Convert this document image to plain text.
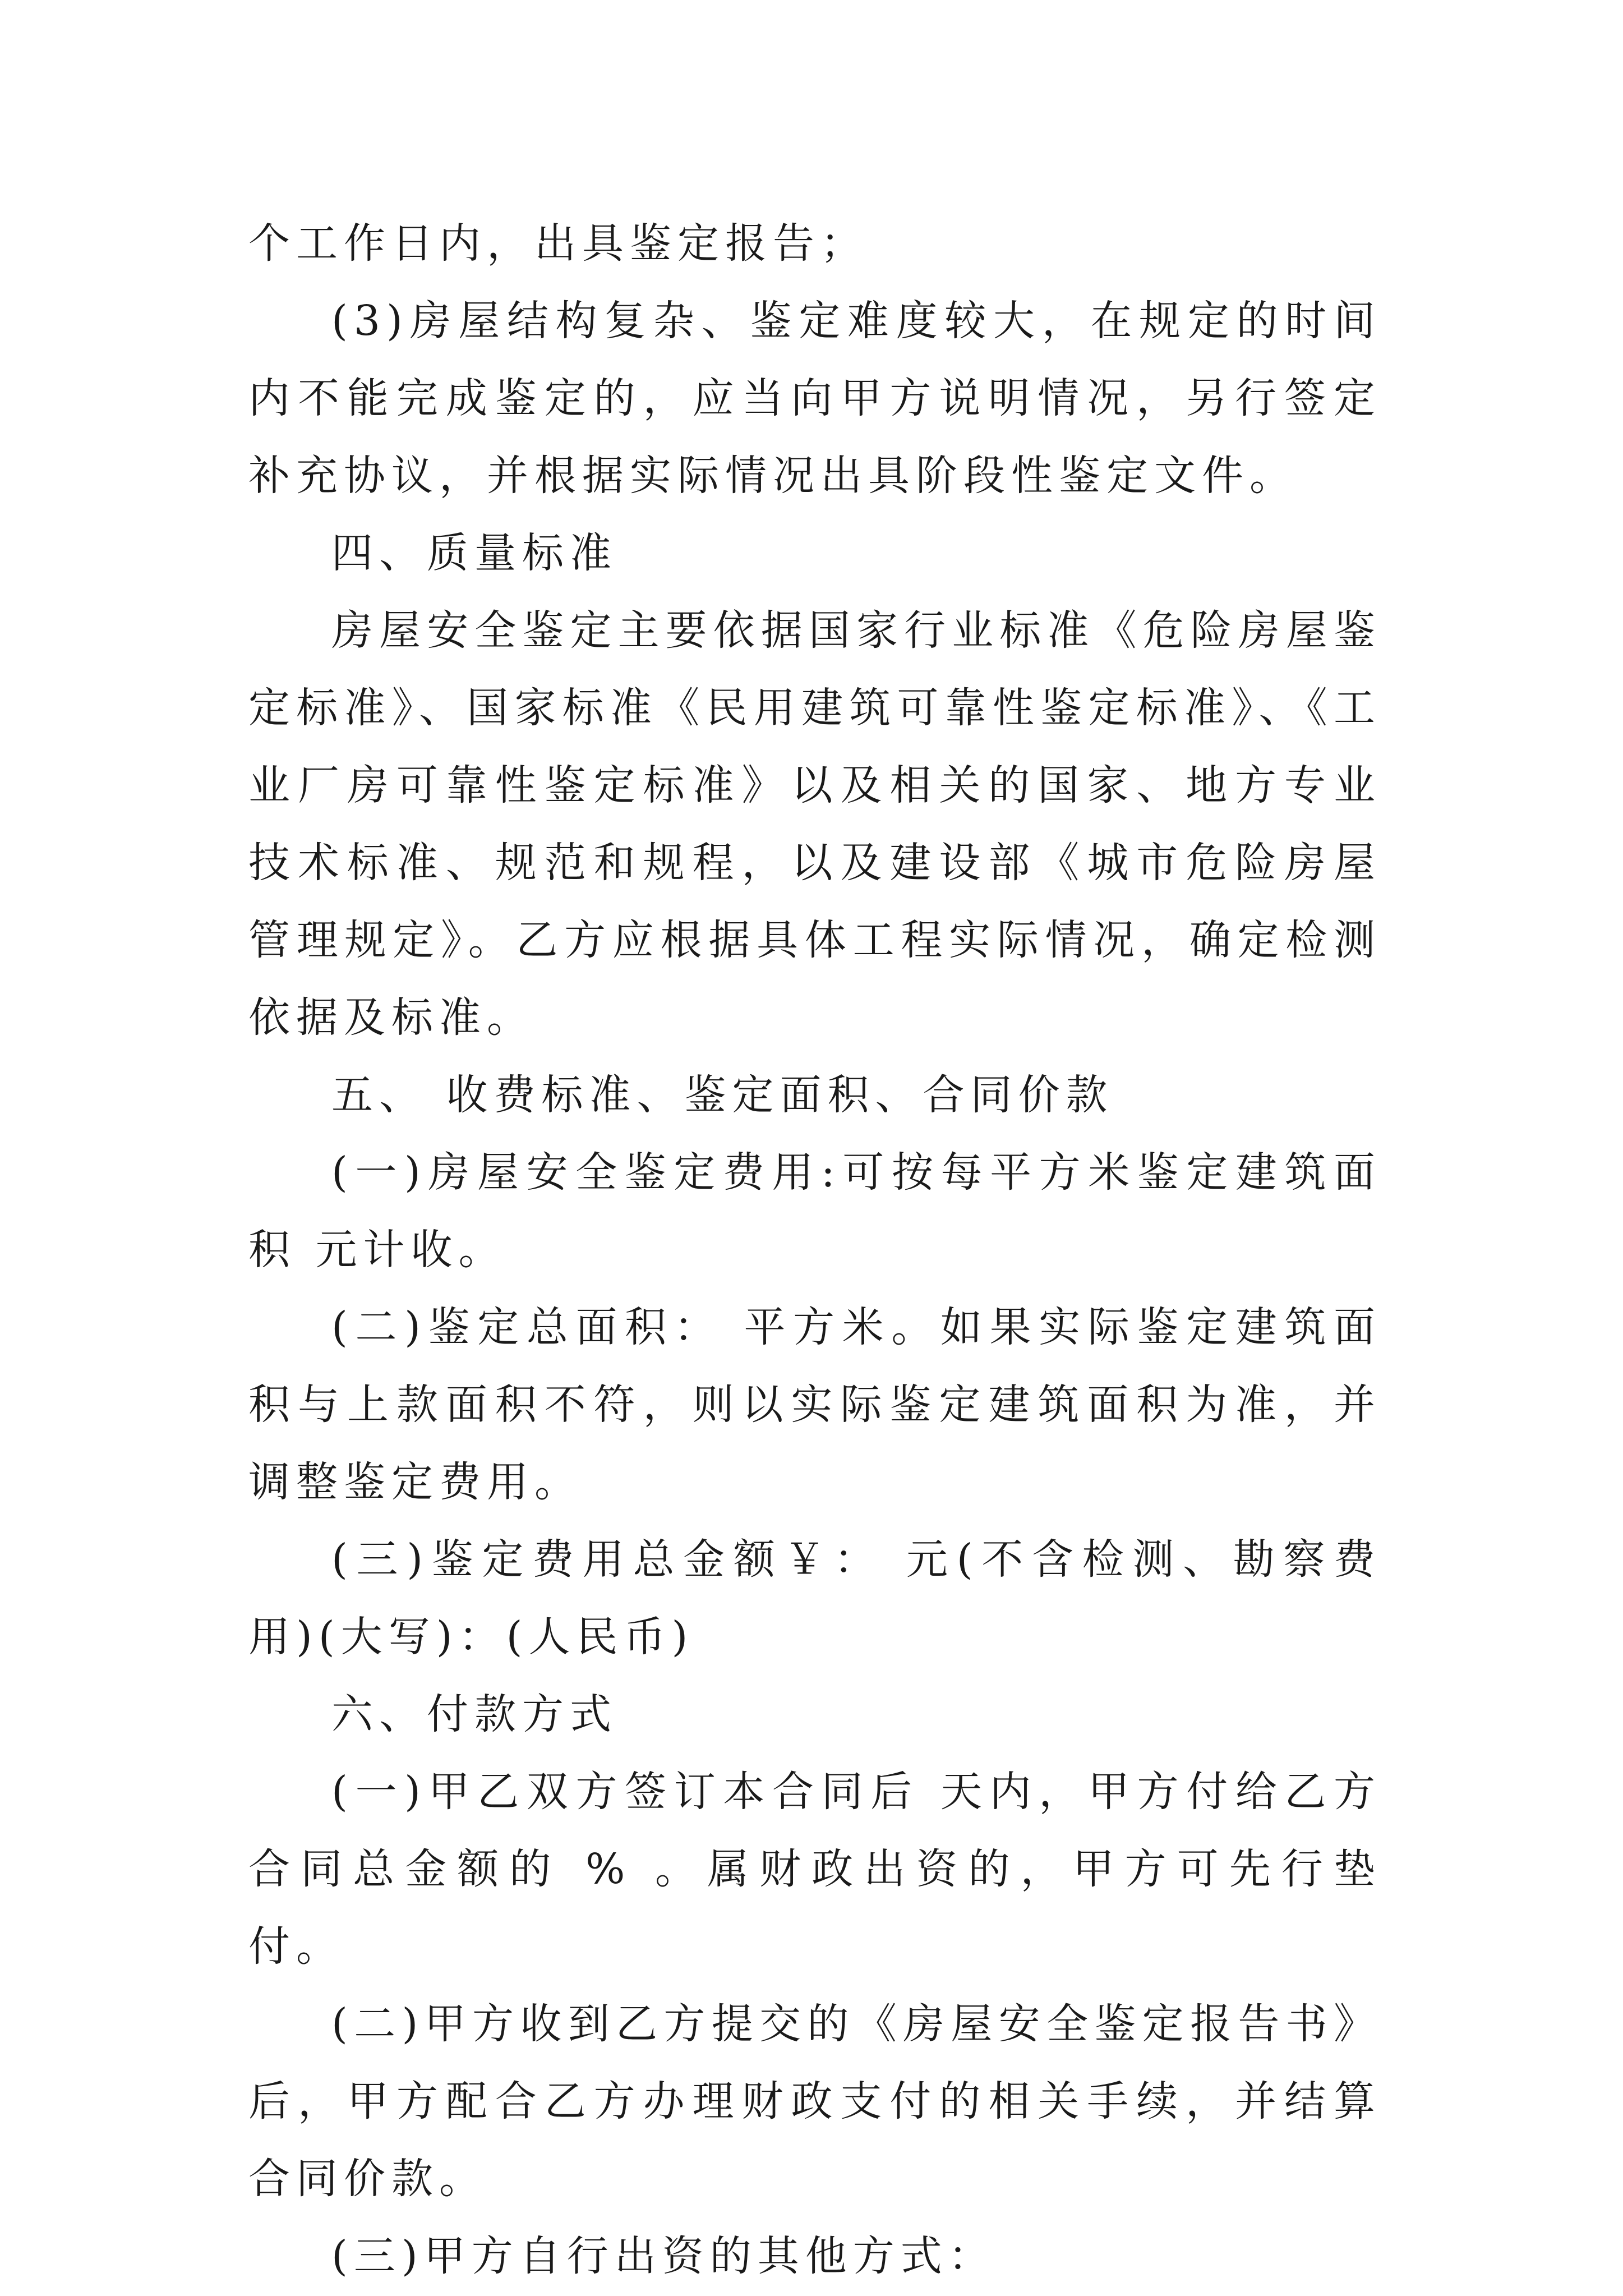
个工作日内，出具鉴定报告；

(3)房屋结构复杂、鉴定难度较大，在规定的时间内不能完成鉴定的，应当向甲方说明情况，另行签定补充协议，并根据实际情况出具阶段性鉴定文件。

四、质量标准

房屋安全鉴定主要依据国家行业标准《危险房屋鉴定标准》、国家标准《民用建筑可靠性鉴定标准》、《工业厂房可靠性鉴定标准》以及相关的国家、地方专业技术标准、规范和规程，以及建设部《城市危险房屋管理规定》。乙方应根据具体工程实际情况，确定检测依据及标准。

五、 收费标准、鉴定面积、合同价款

(一)房屋安全鉴定费用:可按每平方米鉴定建筑面积 元计收。

(二)鉴定总面积： 平方米。如果实际鉴定建筑面积与上款面积不符，则以实际鉴定建筑面积为准，并调整鉴定费用。

(三)鉴定费用总金额￥： 元(不含检测、勘察费用)(大写)：(人民币)

六、付款方式

(一)甲乙双方签订本合同后 天内，甲方付给乙方合同总金额的 % 。属财政出资的，甲方可先行垫付。

(二)甲方收到乙方提交的《房屋安全鉴定报告书》后，甲方配合乙方办理财政支付的相关手续，并结算合同价款。

(三)甲方自行出资的其他方式：
